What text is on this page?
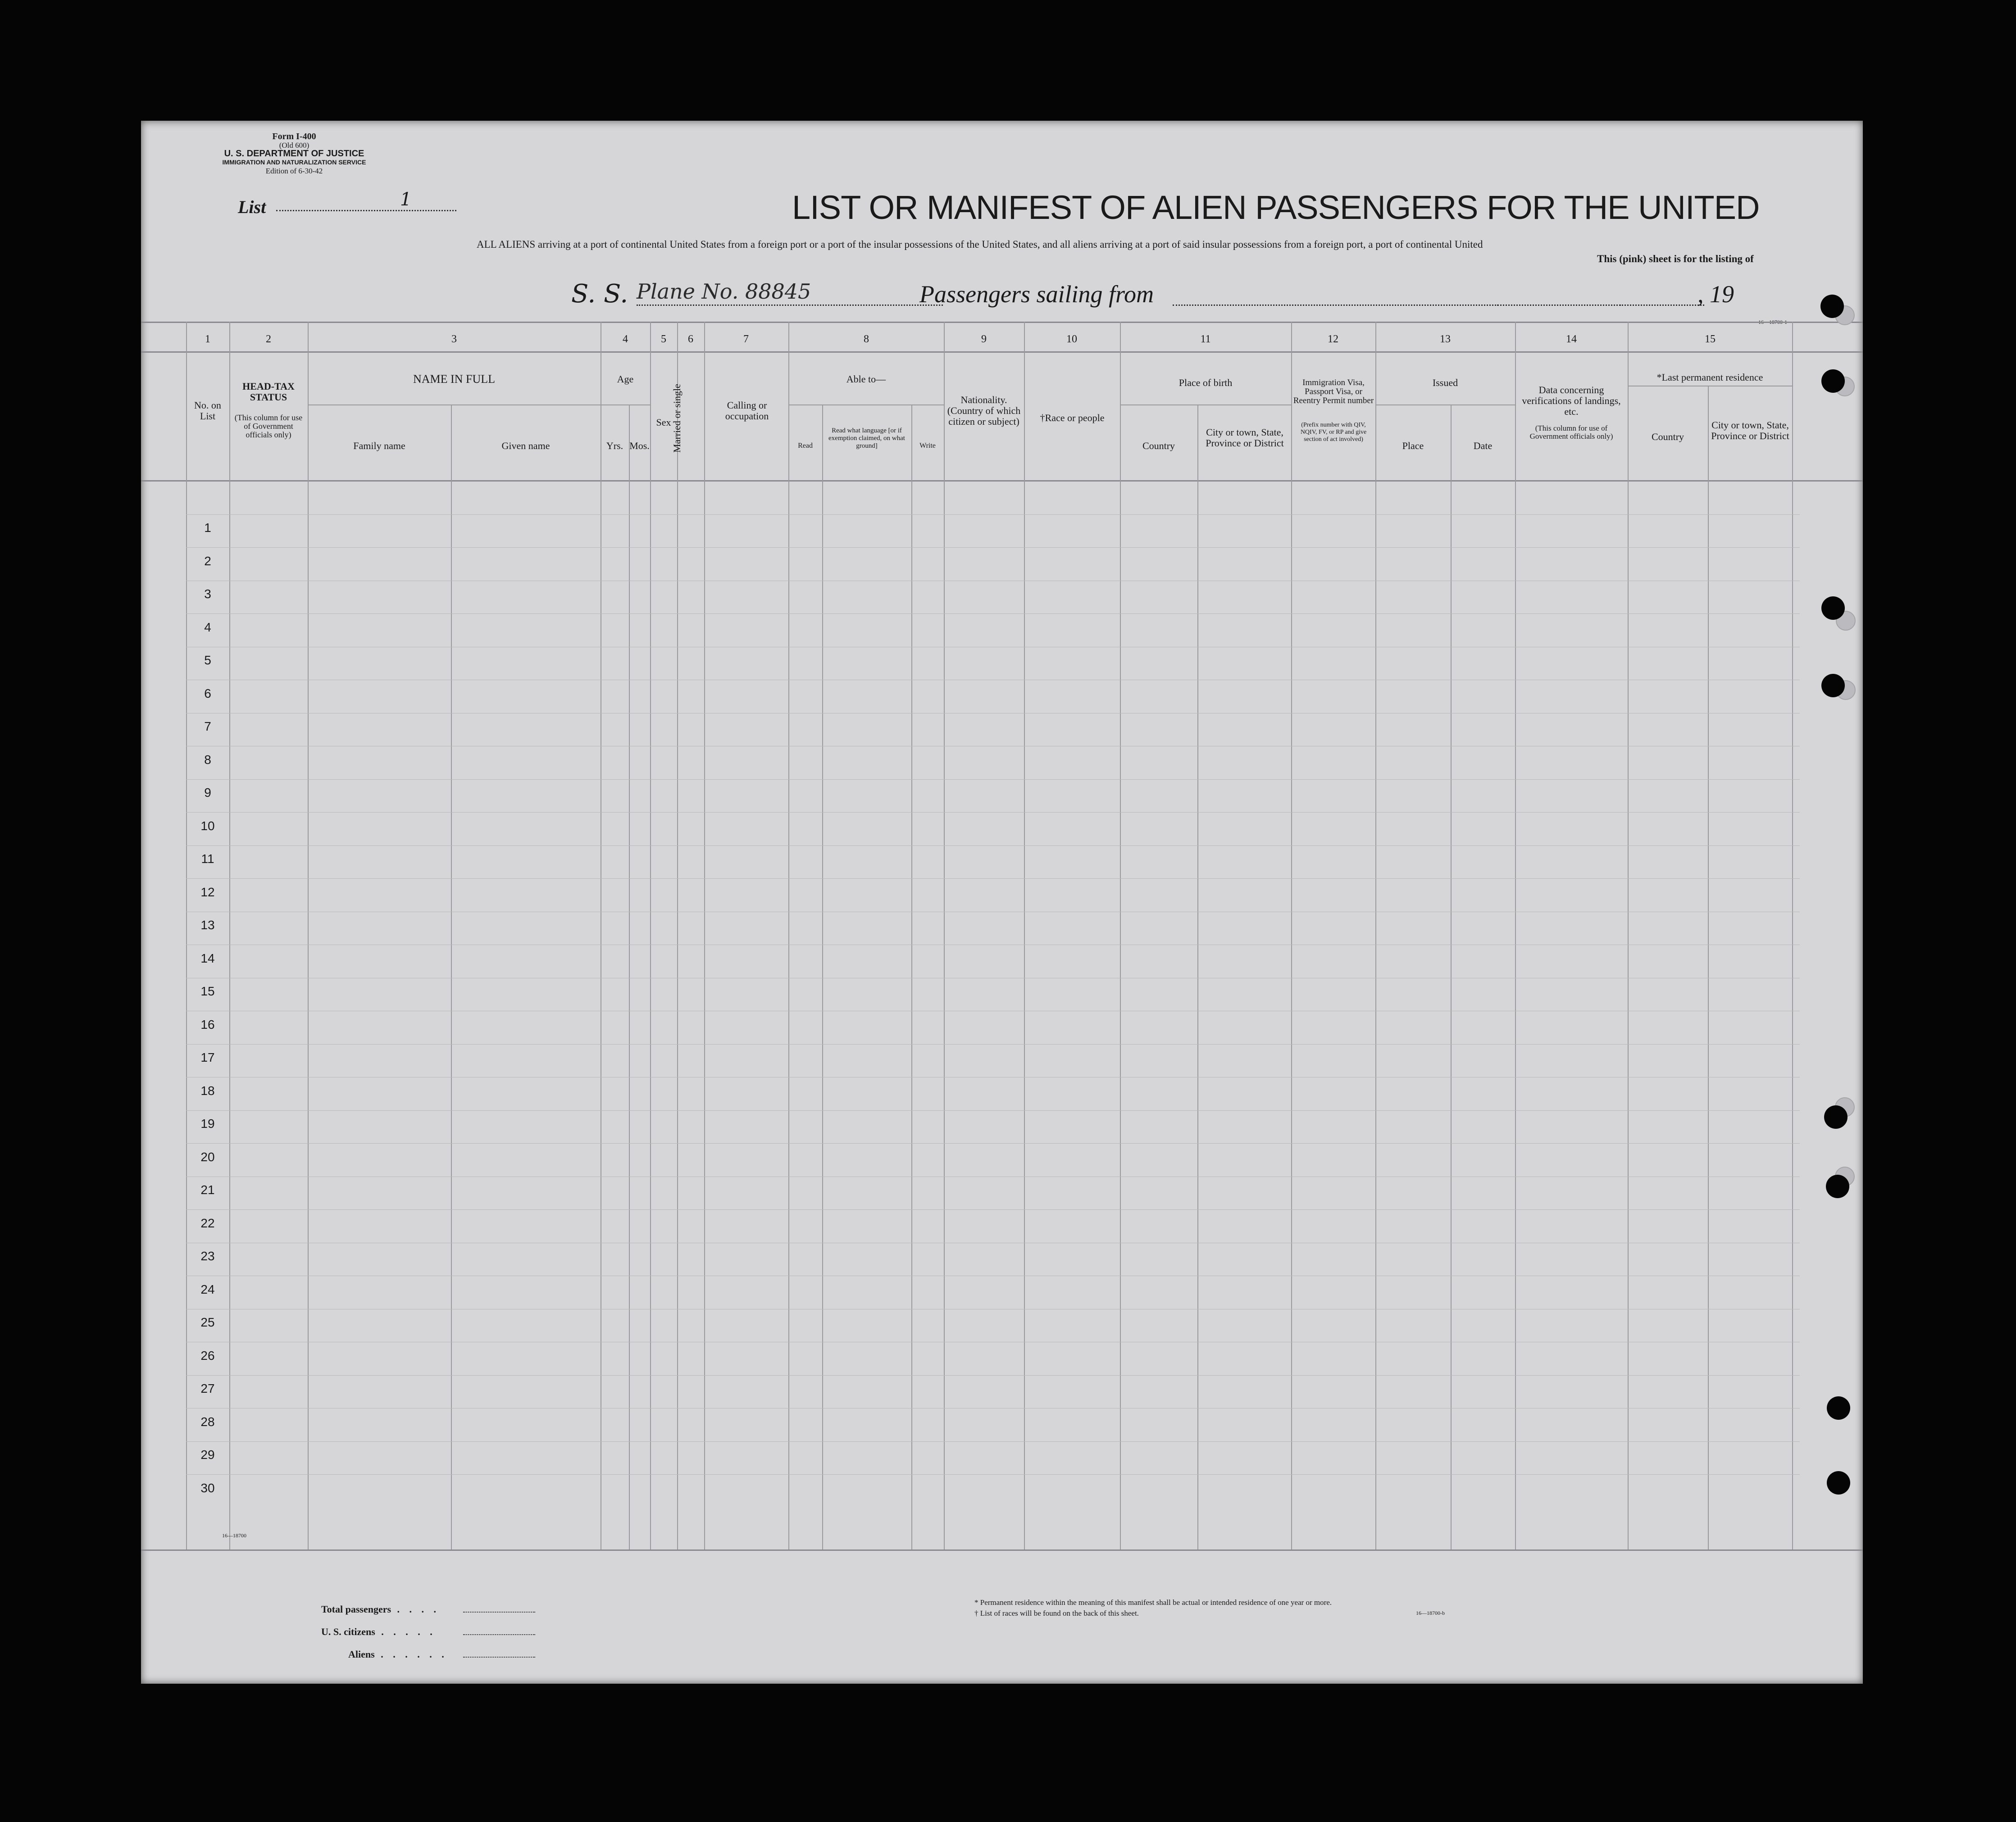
Form I-400
(Old 600)
U. S. DEPARTMENT OF JUSTICE
IMMIGRATION AND NATURALIZATION SERVICE
Edition of 6-30-42
List	1	LIST OR MANIFEST OF ALIEN PASSENGERS FOR THE UNITED
ALL ALIENS arriving at a port of continental United States from a foreign port or a port of the insular possessions of the United States, and all aliens arriving at a port of said insular possessions from a foreign port, a port of continental United
This (pink) sheet is for the listing of
S. S. Plane No. 88845	Passengers sailing from	, 19
1	2	3	4	5	6	7	8	9	10	11	12	13	14	15
No. on List
HEAD-TAX STATUS
(This column for use of Government officials only)
NAME IN FULL
Family name	Given name
Age
Yrs. Mos.
Sex Married or single	Calling or occupation
Able to—
Read
Read what language [or if exemption claimed, on what ground]	Write
Nationality. (Country of which citizen or subject)	†Race or people
Place of birth
Country
City or town, State, Province or District
Immigration Visa, Passport Visa, or Reentry Permit number
(Prefix number with QIV, NQIV, FV, or RP and give section of act involved)
Issued
Place	Date
Data concerning verifications of landings, etc.
(This column for use of Government officials only)
*Last permanent residence
Country
City or town, State, Province or District
1
2
3
4
5
6
7
8
9
10
11
12
13
14
15
16
17
18
19
20
21
22
23
24
25
26
27
28
29
30
16—18700
Total passengers . . . .
U. S. citizens . . . . .
Aliens . . . . . .
* Permanent residence within the meaning of this manifest shall be actual or intended residence of one year or more.
† List of races will be found on the back of this sheet.	16—18700-b
